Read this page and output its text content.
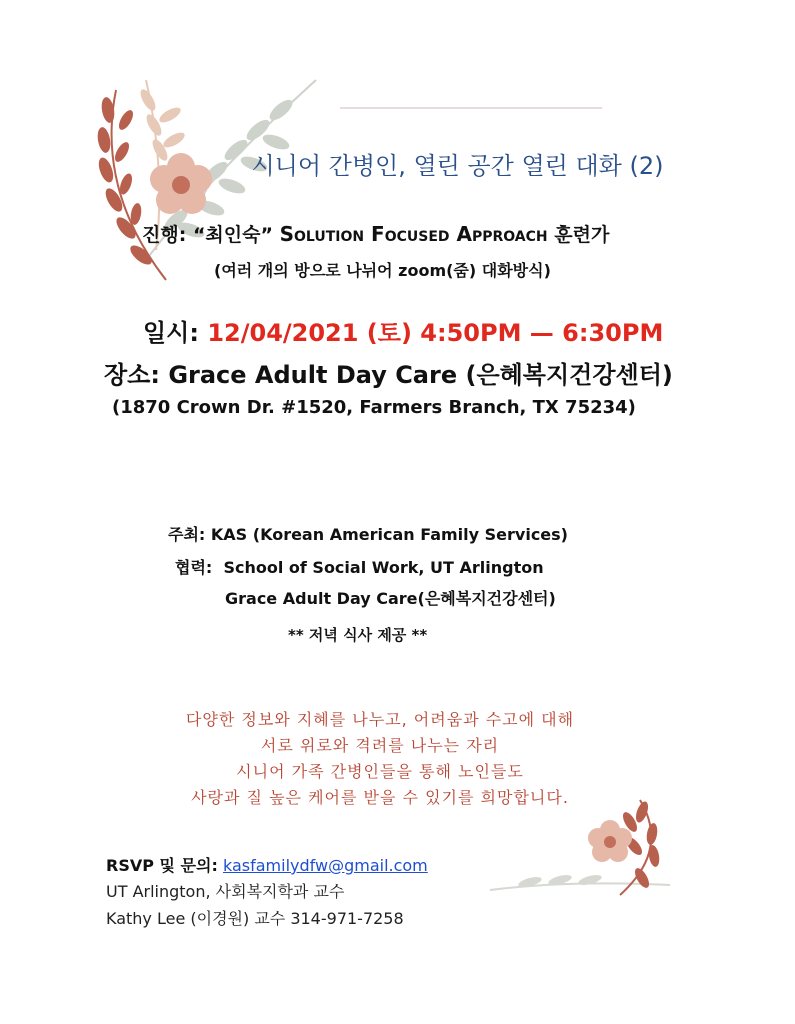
시니어 간병인, 열린 공간 열린 대화 (2)
진행: “최인숙” Solution Focused Approach 훈련가
(여러 개의 방으로 나뉘어 zoom(줌) 대화방식)
일시: 12/04/2021 (토) 4:50PM — 6:30PM
장소: Grace Adult Day Care (은혜복지건강센터)
(1870 Crown Dr. #1520, Farmers Branch, TX 75234)
주최: KAS (Korean American Family Services)
협력: School of Social Work, UT Arlington
Grace Adult Day Care(은혜복지건강센터)
** 저녁 식사 제공 **
다양한 정보와 지혜를 나누고, 어려움과 수고에 대해
서로 위로와 격려를 나누는 자리
시니어 가족 간병인들을 통해 노인들도
사랑과 질 높은 케어를 받을 수 있기를 희망합니다.
RSVP 및 문의: kasfamilydfw@gmail.com
UT Arlington, 사회복지학과 교수
Kathy Lee (이경원) 교수 314-971-7258
